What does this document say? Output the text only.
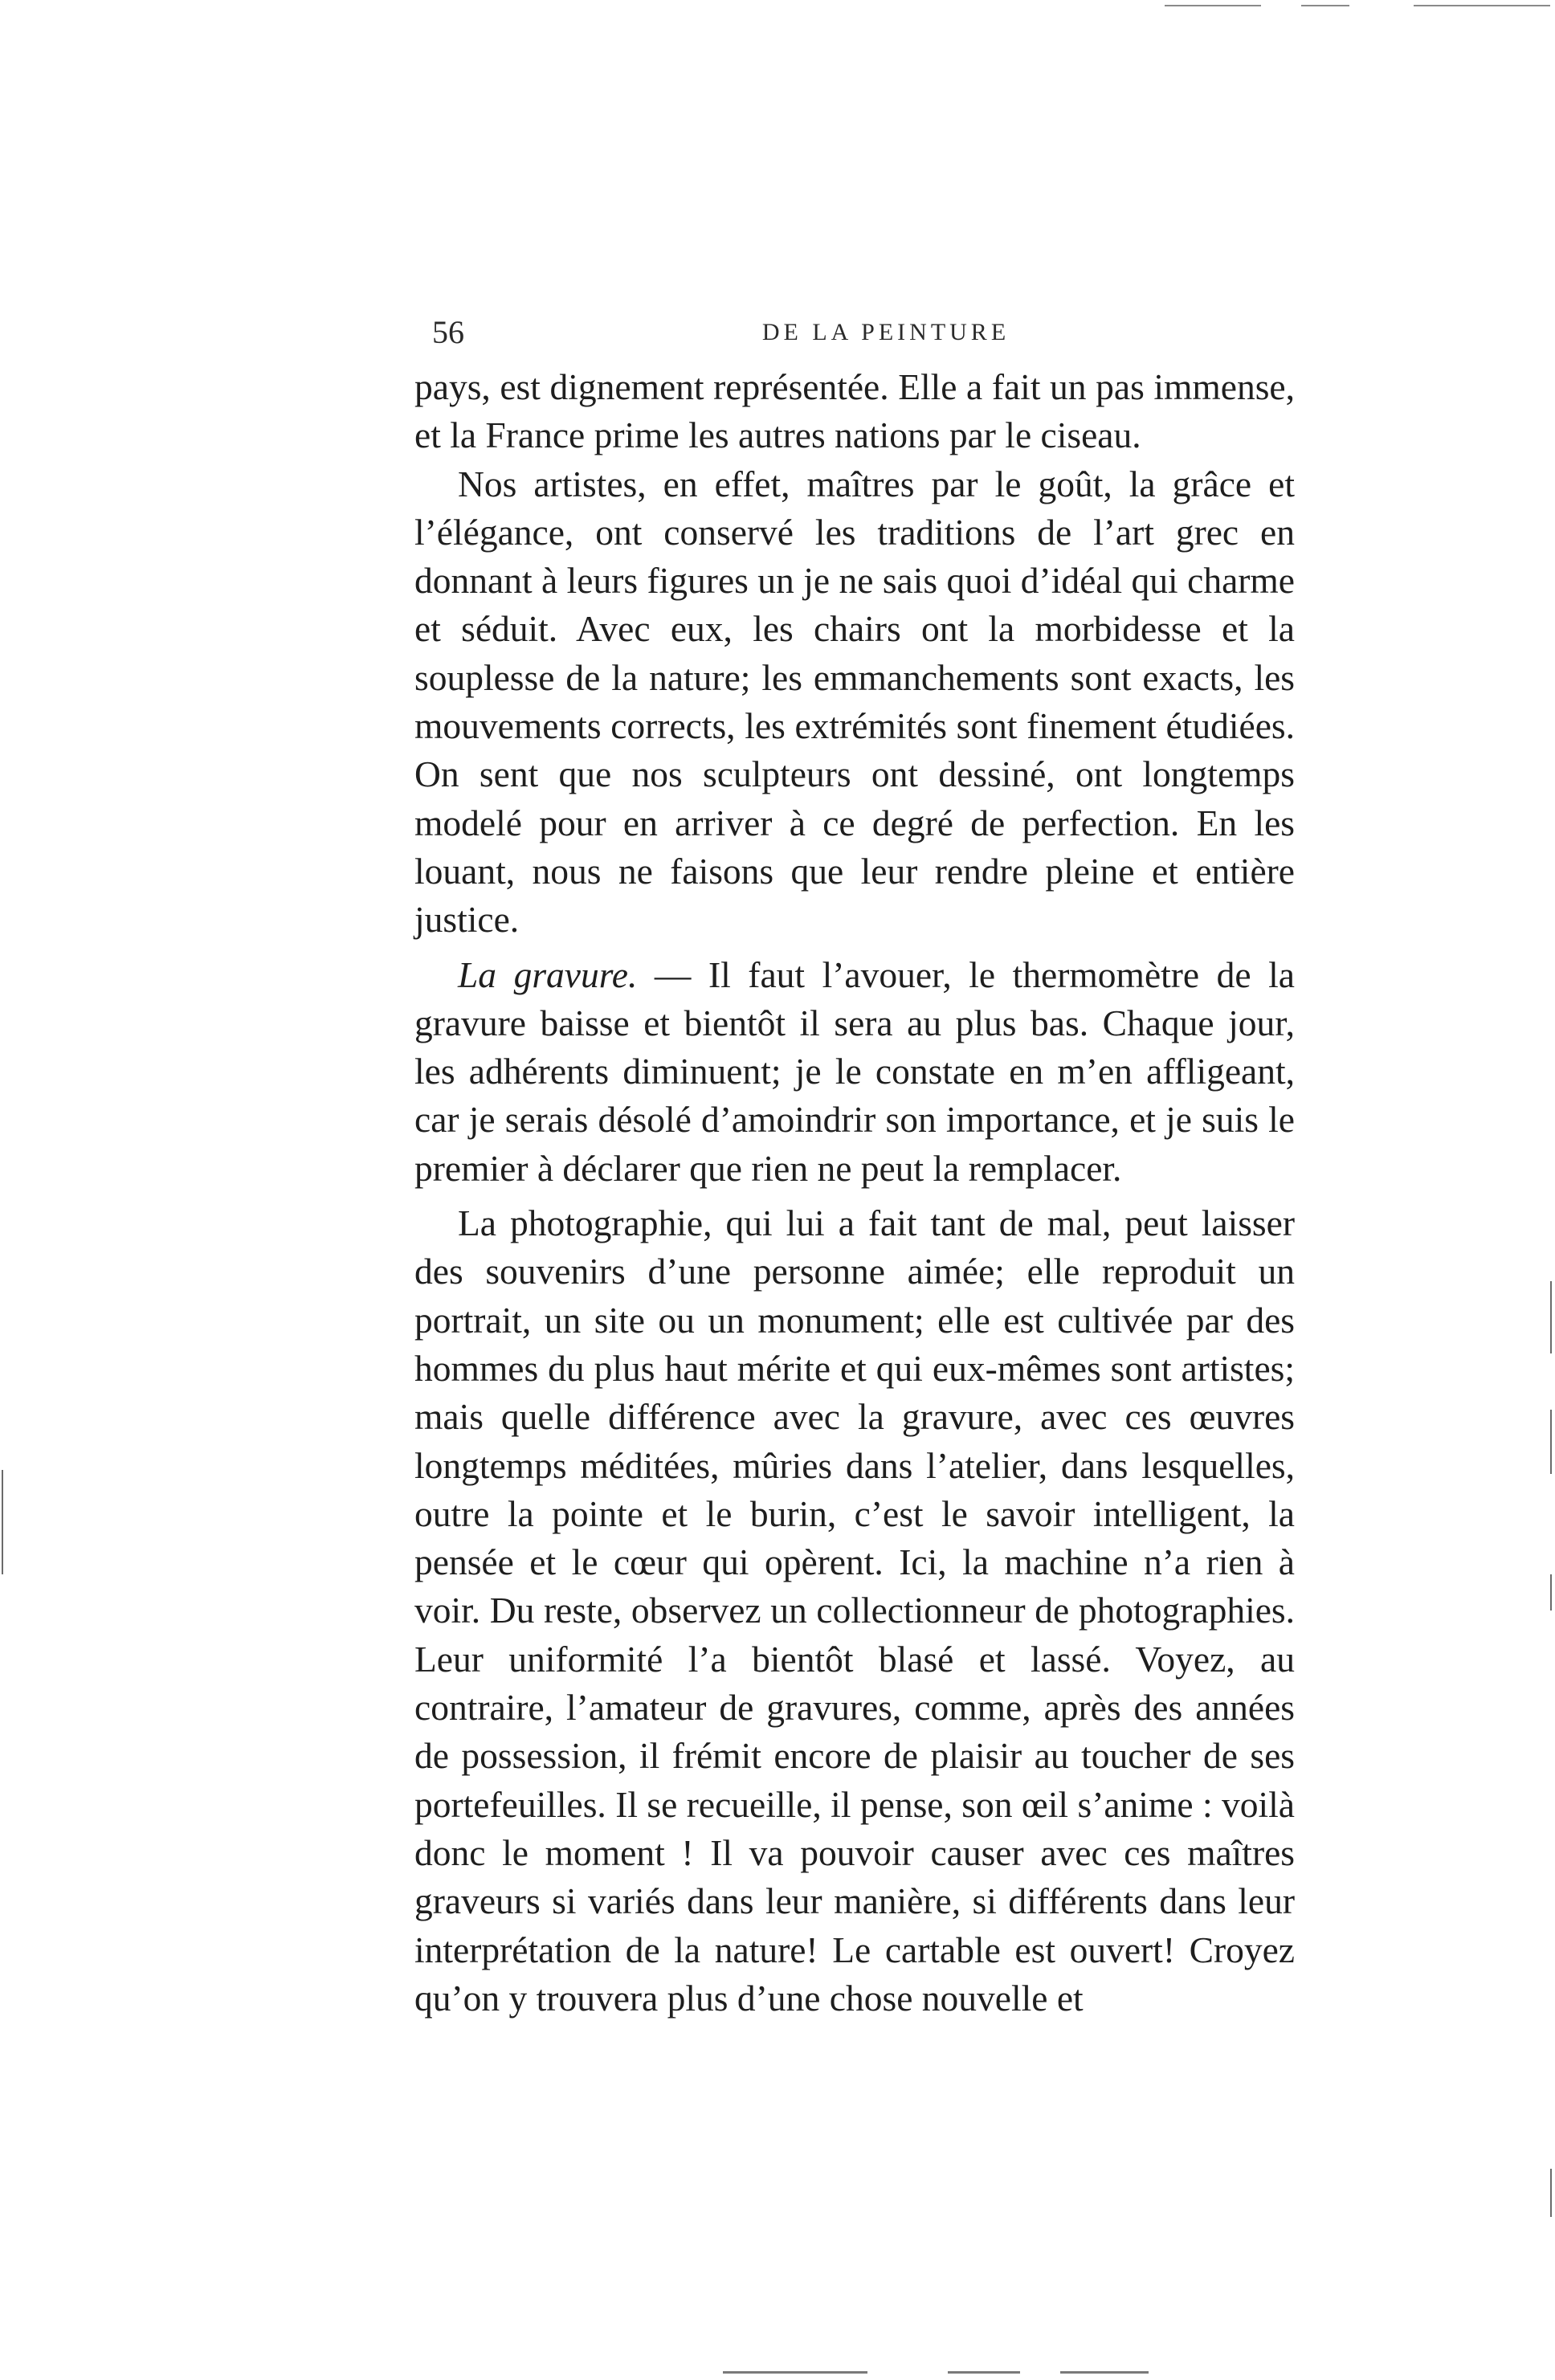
56	DE LA PEINTURE

pays, est dignement représentée. Elle a fait un pas immense, et la France prime les autres nations par le ciseau.

Nos artistes, en effet, maîtres par le goût, la grâce et l’élégance, ont conservé les traditions de l’art grec en donnant à leurs figures un je ne sais quoi d’idéal qui charme et séduit. Avec eux, les chairs ont la morbidesse et la souplesse de la nature; les emmanchements sont exacts, les mouvements corrects, les extrémités sont finement étudiées. On sent que nos sculpteurs ont dessiné, ont longtemps modelé pour en arriver à ce degré de perfection. En les louant, nous ne faisons que leur rendre pleine et entière justice.

La gravure. — Il faut l’avouer, le thermomètre de la gravure baisse et bientôt il sera au plus bas. Chaque jour, les adhérents diminuent; je le constate en m’en affligeant, car je serais désolé d’amoindrir son importance, et je suis le premier à déclarer que rien ne peut la remplacer.

La photographie, qui lui a fait tant de mal, peut laisser des souvenirs d’une personne aimée; elle reproduit un portrait, un site ou un monument; elle est cultivée par des hommes du plus haut mérite et qui eux-mêmes sont artistes; mais quelle différence avec la gravure, avec ces œuvres longtemps méditées, mûries dans l’atelier, dans lesquelles, outre la pointe et le burin, c’est le savoir intelligent, la pensée et le cœur qui opèrent. Ici, la machine n’a rien à voir. Du reste, observez un collectionneur de photographies. Leur uniformité l’a bientôt blasé et lassé. Voyez, au contraire, l’amateur de gravures, comme, après des années de possession, il frémit encore de plaisir au toucher de ses portefeuilles. Il se recueille, il pense, son œil s’anime : voilà donc le moment ! Il va pouvoir causer avec ces maîtres graveurs si variés dans leur manière, si différents dans leur interprétation de la nature! Le cartable est ouvert! Croyez qu’on y trouvera plus d’une chose nouvelle et
